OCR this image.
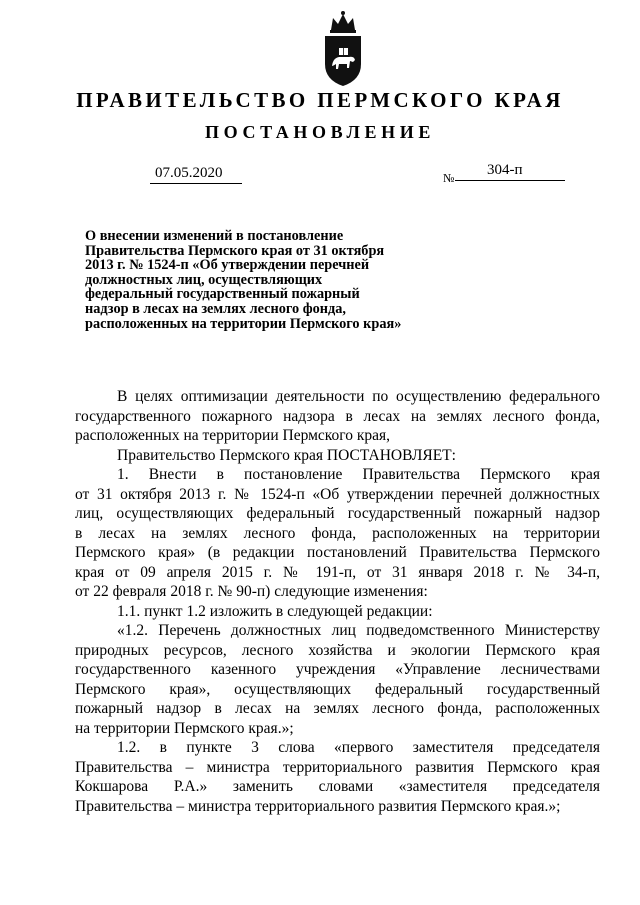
ПРАВИТЕЛЬСТВО ПЕРМСКОГО КРАЯ
ПОСТАНОВЛЕНИЕ
07.05.2020	№ 304-п
О внесении изменений в постановление
Правительства Пермского края от 31 октября
2013 г. № 1524-п «Об утверждении перечней
должностных лиц, осуществляющих
федеральный государственный пожарный
надзор в лесах на землях лесного фонда,
расположенных на территории Пермского края»
В целях оптимизации деятельности по осуществлению федерального
государственного пожарного надзора в лесах на землях лесного фонда,
расположенных на территории Пермского края,
Правительство Пермского края ПОСТАНОВЛЯЕТ:
1. Внести в постановление Правительства Пермского края
от 31 октября 2013 г. № 1524-п «Об утверждении перечней должностных
лиц, осуществляющих федеральный государственный пожарный надзор
в лесах на землях лесного фонда, расположенных на территории
Пермского края» (в редакции постановлений Правительства Пермского
края от 09 апреля 2015 г. № 191-п, от 31 января 2018 г. № 34-п,
от 22 февраля 2018 г. № 90-п) следующие изменения:
1.1. пункт 1.2 изложить в следующей редакции:
«1.2. Перечень должностных лиц подведомственного Министерству
природных ресурсов, лесного хозяйства и экологии Пермского края
государственного казенного учреждения «Управление лесничествами
Пермского края», осуществляющих федеральный государственный
пожарный надзор в лесах на землях лесного фонда, расположенных
на территории Пермского края.»;
1.2. в пункте 3 слова «первого заместителя председателя
Правительства – министра территориального развития Пермского края
Кокшарова Р.А.» заменить словами «заместителя председателя
Правительства – министра территориального развития Пермского края.»;
